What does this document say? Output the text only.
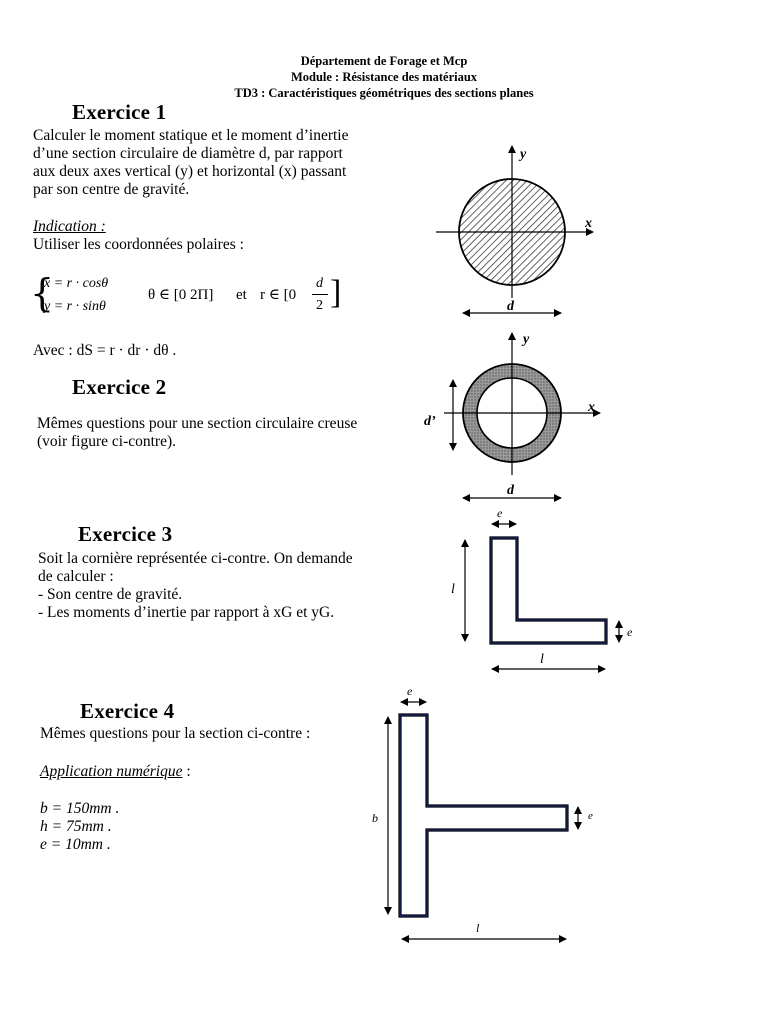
Département de Forage et Mcp
Module : Résistance des matériaux
TD3 : Caractéristiques géométriques des sections planes
Exercice 1
Calculer le moment statique et le moment d’inertie
d’une section circulaire de diamètre d, par rapport
aux deux axes vertical (y) et horizontal (x) passant
par son centre de gravité.
Indication :
Utiliser les coordonnées polaires :
{
x = r · cosθ
y = r · sinθ
θ ∈ [0 2Π] et r ∈ [0
d
2 ]
Avec : dS = r · dr · dθ .
Exercice 2
Mêmes questions pour une section circulaire creuse
(voir figure ci-contre).
Exercice 3
Soit la cornière représentée ci-contre. On demande
de calculer :
- Son centre de gravité.
- Les moments d’inertie par rapport à xG et yG.
Exercice 4
Mêmes questions pour la section ci-contre :
Application numérique :
b = 150mm .
h = 75mm .
e = 10mm .
y
x
d
y
x
d’
d
e
l
e
l
e
b	e
l
